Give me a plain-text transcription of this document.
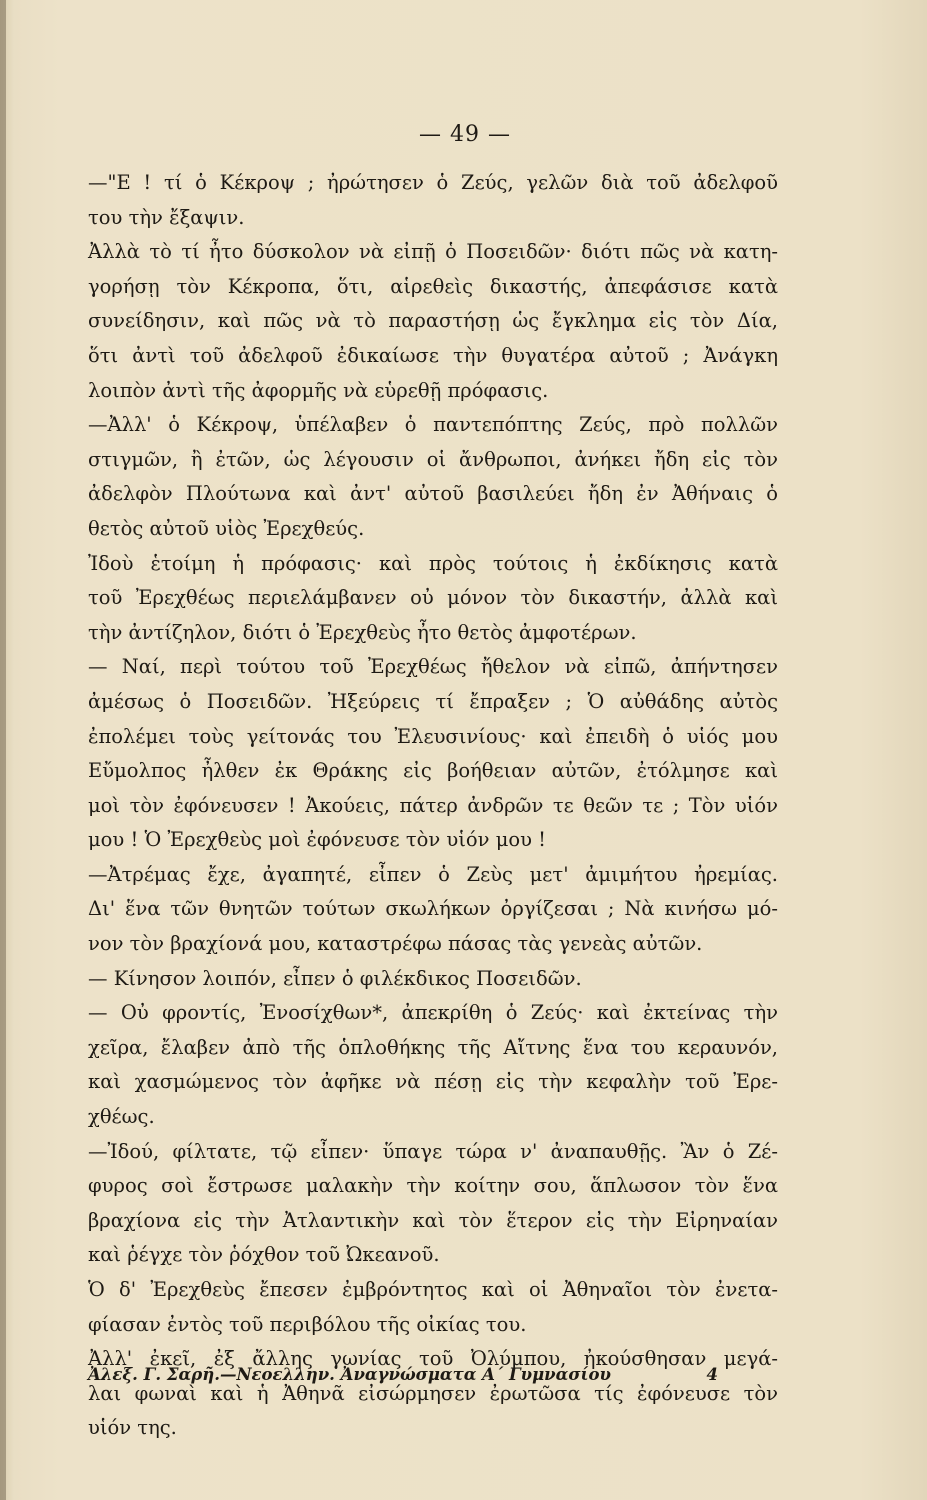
— 49 —
—"Ε ! τί ὁ Κέκροψ ; ἠρώτησεν ὁ Ζεύς, γελῶν διὰ τοῦ ἀδελφοῦ
του τὴν ἔξαψιν.
Ἀλλὰ τὸ τί ἦτο δύσκολον νὰ εἰπῇ ὁ Ποσειδῶν· διότι πῶς νὰ κατη-
γορήσῃ τὸν Κέκροπα, ὅτι, αἱρεθεὶς δικαστής, ἀπεφάσισε κατὰ
συνείδησιν, καὶ πῶς νὰ τὸ παραστήσῃ ὡς ἔγκλημα εἰς τὸν Δία,
ὅτι ἀντὶ τοῦ ἀδελφοῦ ἐδικαίωσε τὴν θυγατέρα αὐτοῦ ; Ἀνάγκη
λοιπὸν ἀντὶ τῆς ἀφορμῆς νὰ εὑρεθῇ πρόφασις.
—Ἀλλ' ὁ Κέκροψ, ὑπέλαβεν ὁ παντεπόπτης Ζεύς, πρὸ πολλῶν
στιγμῶν, ἢ ἐτῶν, ὡς λέγουσιν οἱ ἄνθρωποι, ἀνήκει ἤδη εἰς τὸν
ἀδελφὸν Πλούτωνα καὶ ἀντ' αὐτοῦ βασιλεύει ἤδη ἐν Ἀθήναις ὁ
θετὸς αὐτοῦ υἱὸς Ἐρεχθεύς.
Ἰδοὺ ἑτοίμη ἡ πρόφασις· καὶ πρὸς τούτοις ἡ ἐκδίκησις κατὰ
τοῦ Ἐρεχθέως περιελάμβανεν οὐ μόνον τὸν δικαστήν, ἀλλὰ καὶ
τὴν ἀντίζηλον, διότι ὁ Ἐρεχθεὺς ἦτο θετὸς ἀμφοτέρων.
— Ναί, περὶ τούτου τοῦ Ἐρεχθέως ἤθελον νὰ εἰπῶ, ἀπήντησεν
ἀμέσως ὁ Ποσειδῶν. Ἠξεύρεις τί ἔπραξεν ; Ὁ αὐθάδης αὐτὸς
ἐπολέμει τοὺς γείτονάς του Ἐλευσινίους· καὶ ἐπειδὴ ὁ υἱός μου
Εὔμολπος ἦλθεν ἐκ Θράκης εἰς βοήθειαν αὐτῶν, ἐτόλμησε καὶ
μοὶ τὸν ἐφόνευσεν ! Ἀκούεις, πάτερ ἀνδρῶν τε θεῶν τε ; Τὸν υἱόν
μου ! Ὁ Ἐρεχθεὺς μοὶ ἐφόνευσε τὸν υἱόν μου !
—Ἀτρέμας ἔχε, ἀγαπητέ, εἶπεν ὁ Ζεὺς μετ' ἀμιμήτου ἠρεμίας.
Δι' ἕνα τῶν θνητῶν τούτων σκωλήκων ὀργίζεσαι ; Νὰ κινήσω μό-
νον τὸν βραχίονά μου, καταστρέφω πάσας τὰς γενεὰς αὐτῶν.
— Κίνησον λοιπόν, εἶπεν ὁ φιλέκδικος Ποσειδῶν.
— Οὐ φροντίς, Ἐνοσίχθων*, ἀπεκρίθη ὁ Ζεύς· καὶ ἐκτείνας τὴν
χεῖρα, ἔλαβεν ἀπὸ τῆς ὁπλοθήκης τῆς Αἴτνης ἕνα του κεραυνόν,
καὶ χασμώμενος τὸν ἀφῆκε νὰ πέσῃ εἰς τὴν κεφαλὴν τοῦ Ἐρε-
χθέως.
—Ἰδού, φίλτατε, τῷ εἶπεν· ὕπαγε τώρα ν' ἀναπαυθῇς. Ἂν ὁ Ζέ-
φυρος σοὶ ἔστρωσε μαλακὴν τὴν κοίτην σου, ἅπλωσον τὸν ἕνα
βραχίονα εἰς τὴν Ἀτλαντικὴν καὶ τὸν ἕτερον εἰς τὴν Εἰρηναίαν
καὶ ῥέγχε τὸν ῥόχθον τοῦ Ὠκεανοῦ.
Ὁ δ' Ἐρεχθεὺς ἔπεσεν ἐμβρόντητος καὶ οἱ Ἀθηναῖοι τὸν ἐνετα-
φίασαν ἐντὸς τοῦ περιβόλου τῆς οἰκίας του.
Ἀλλ' ἐκεῖ, ἐξ ἄλλης γωνίας τοῦ Ὀλύμπου, ἠκούσθησαν μεγά-
λαι φωναὶ καὶ ἡ Ἀθηνᾶ εἰσώρμησεν ἐρωτῶσα τίς ἐφόνευσε τὸν
υἱόν της.
Ἀλεξ. Γ. Σαρῆ.—Νεοελλην. Ἀναγνώσματα Α΄ Γυμνασίου	4
